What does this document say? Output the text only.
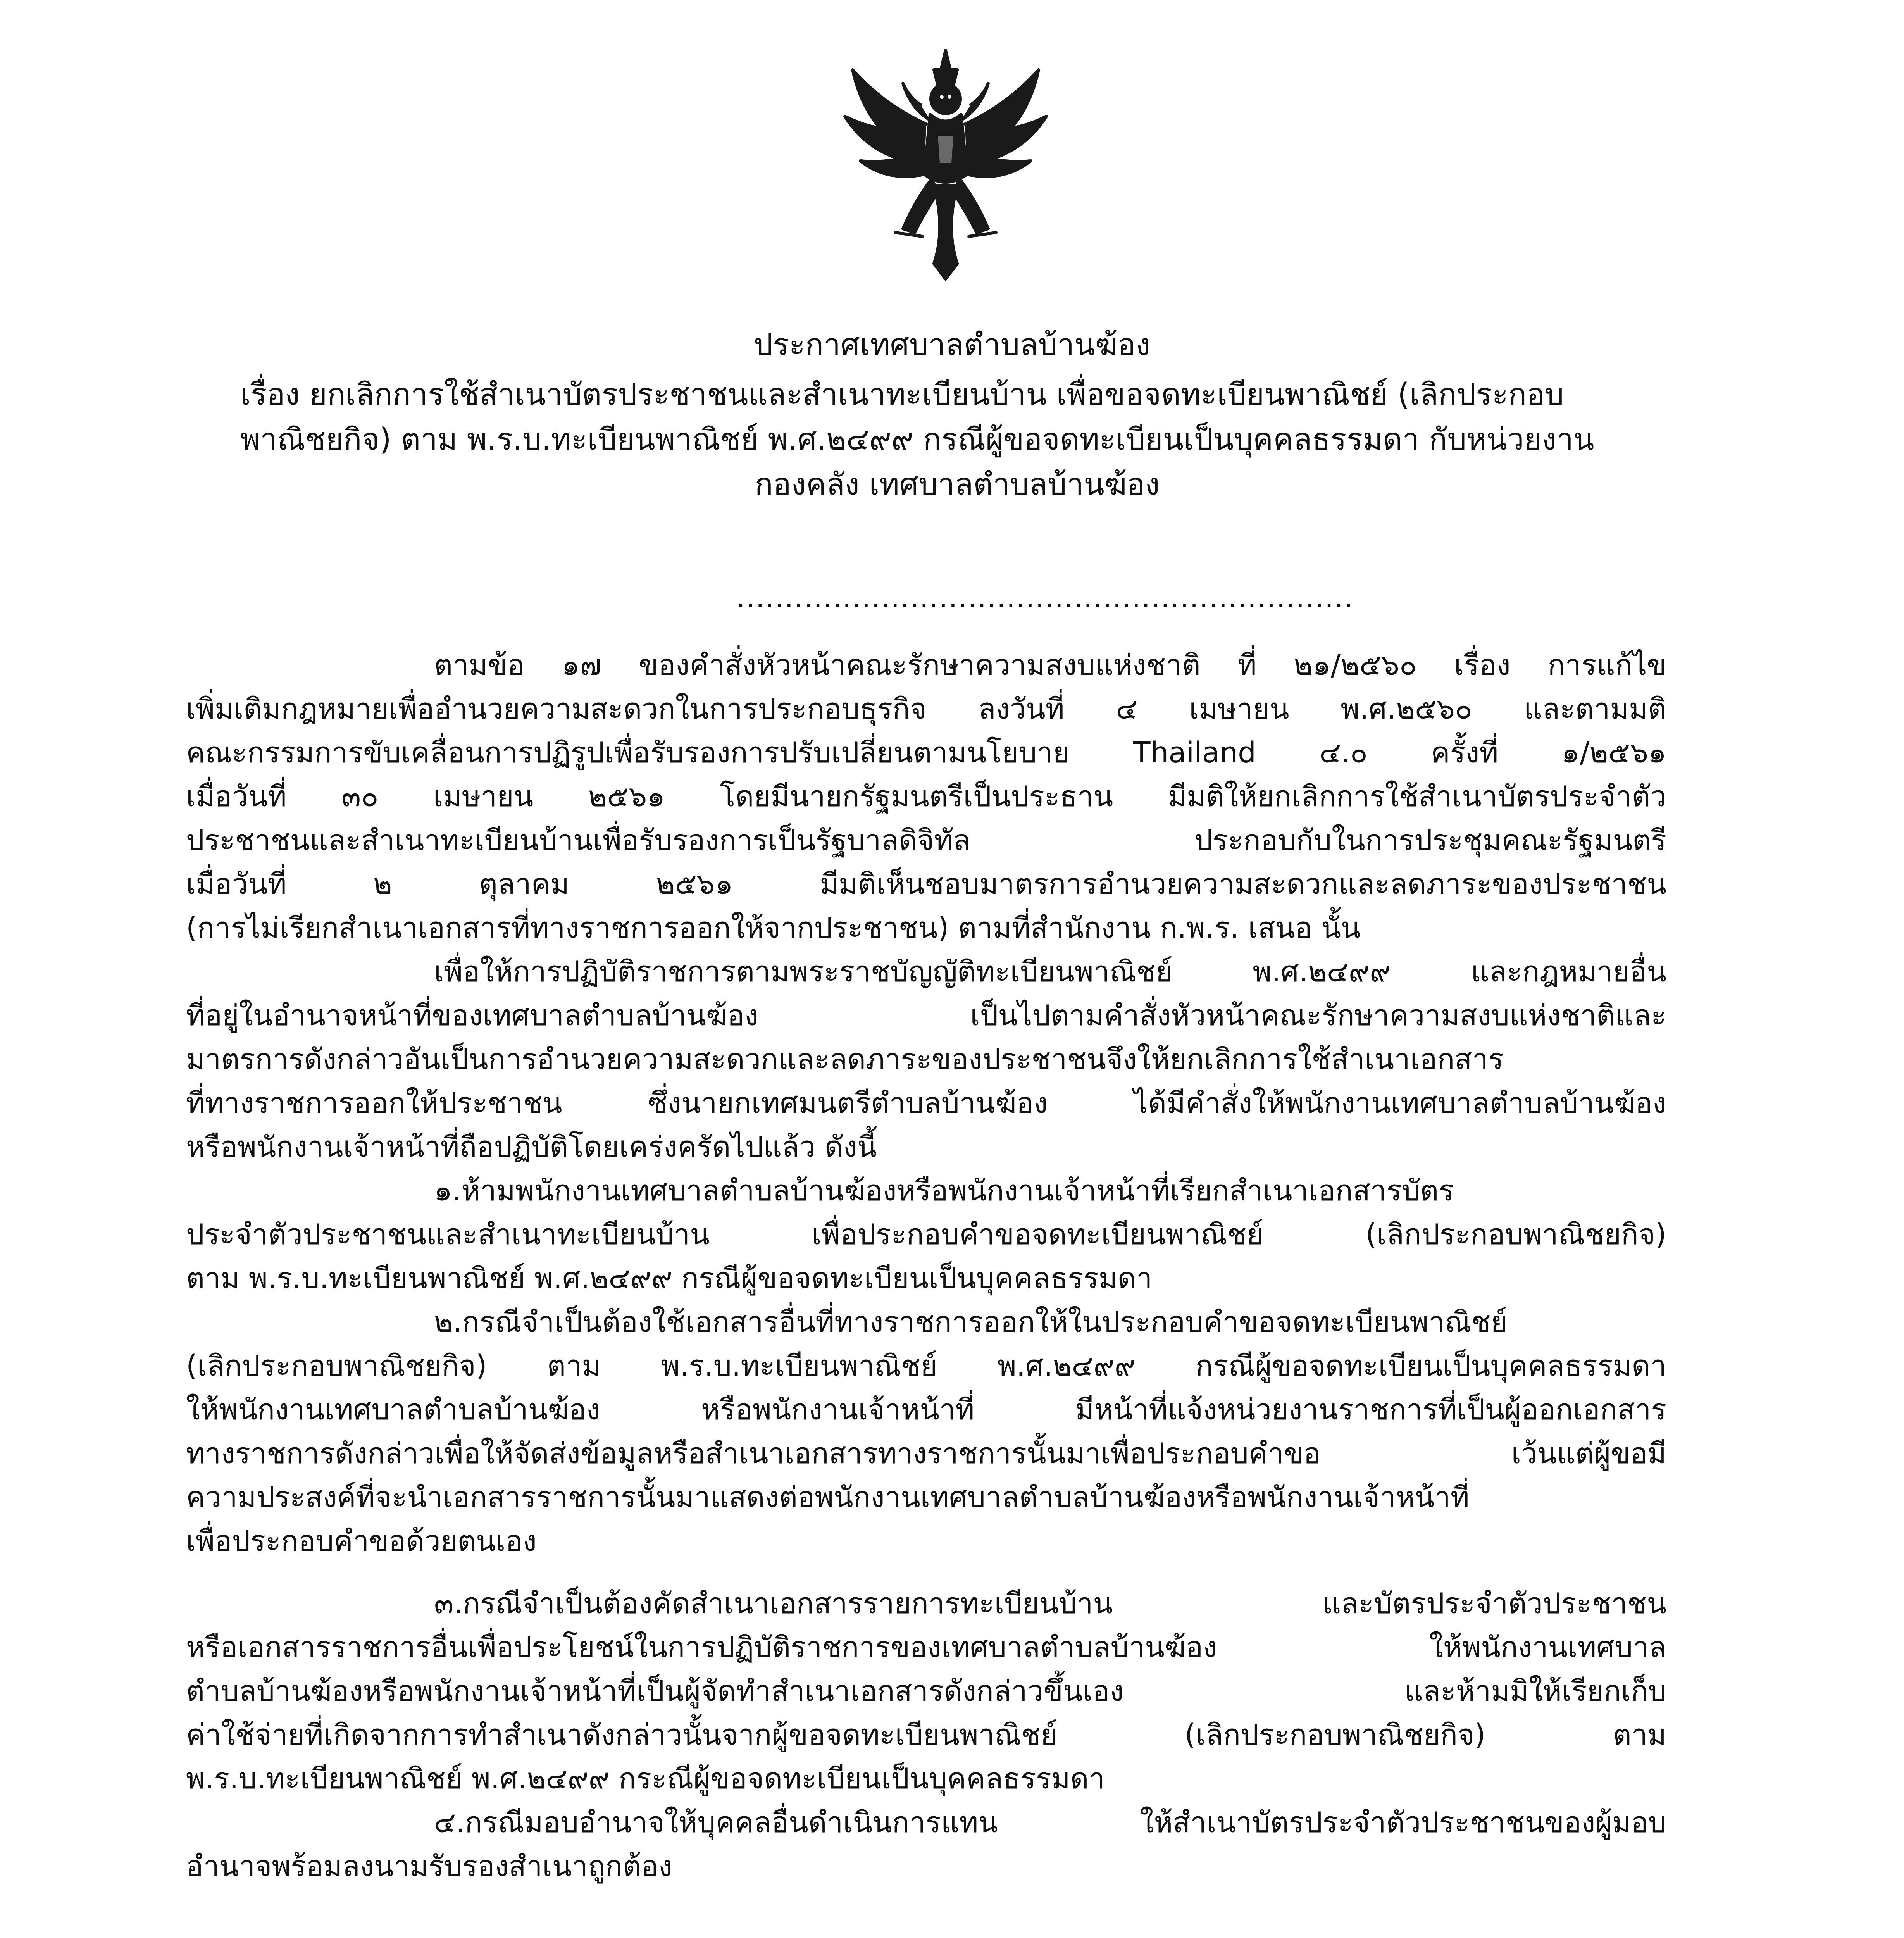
ประกาศเทศบาลตำบลบ้านฆ้อง
เรื่อง ยกเลิกการใช้สำเนาบัตรประชาชนและสำเนาทะเบียนบ้าน เพื่อขอจดทะเบียนพาณิชย์ (เลิกประกอบ
พาณิชยกิจ) ตาม พ.ร.บ.ทะเบียนพาณิชย์ พ.ศ.๒๔๙๙ กรณีผู้ขอจดทะเบียนเป็นบุคคลธรรมดา กับหน่วยงาน
กองคลัง เทศบาลตำบลบ้านฆ้อง
................................................................
ตามข้อ ๑๗ ของคำสั่งหัวหน้าคณะรักษาความสงบแห่งชาติ ที่ ๒๑/๒๕๖๐ เรื่อง การแก้ไข
เพิ่มเติมกฎหมายเพื่ออำนวยความสะดวกในการประกอบธุรกิจ ลงวันที่ ๔ เมษายน พ.ศ.๒๕๖๐ และตามมติ
คณะกรรมการขับเคลื่อนการปฏิรูปเพื่อรับรองการปรับเปลี่ยนตามนโยบาย Thailand ๔.๐ ครั้งที่ ๑/๒๕๖๑
เมื่อวันที่ ๓๐ เมษายน ๒๕๖๑ โดยมีนายกรัฐมนตรีเป็นประธาน มีมติให้ยกเลิกการใช้สำเนาบัตรประจำตัว
ประชาชนและสำเนาทะเบียนบ้านเพื่อรับรองการเป็นรัฐบาลดิจิทัล ประกอบกับในการประชุมคณะรัฐมนตรี
เมื่อวันที่ ๒ ตุลาคม ๒๕๖๑ มีมติเห็นชอบมาตรการอำนวยความสะดวกและลดภาระของประชาชน
(การไม่เรียกสำเนาเอกสารที่ทางราชการออกให้จากประชาชน) ตามที่สำนักงาน ก.พ.ร. เสนอ นั้น
เพื่อให้การปฏิบัติราชการตามพระราชบัญญัติทะเบียนพาณิชย์ พ.ศ.๒๔๙๙ และกฎหมายอื่น
ที่อยู่ในอำนาจหน้าที่ของเทศบาลตำบลบ้านฆ้อง เป็นไปตามคำสั่งหัวหน้าคณะรักษาความสงบแห่งชาติและ
มาตรการดังกล่าวอันเป็นการอำนวยความสะดวกและลดภาระของประชาชนจึงให้ยกเลิกการใช้สำเนาเอกสาร
ที่ทางราชการออกให้ประชาชน ซึ่งนายกเทศมนตรีตำบลบ้านฆ้อง ได้มีคำสั่งให้พนักงานเทศบาลตำบลบ้านฆ้อง
หรือพนักงานเจ้าหน้าที่ถือปฏิบัติโดยเคร่งครัดไปแล้ว ดังนี้
๑.ห้ามพนักงานเทศบาลตำบลบ้านฆ้องหรือพนักงานเจ้าหน้าที่เรียกสำเนาเอกสารบัตร
ประจำตัวประชาชนและสำเนาทะเบียนบ้าน เพื่อประกอบคำขอจดทะเบียนพาณิชย์ (เลิกประกอบพาณิชยกิจ)
ตาม พ.ร.บ.ทะเบียนพาณิชย์ พ.ศ.๒๔๙๙ กรณีผู้ขอจดทะเบียนเป็นบุคคลธรรมดา
๒.กรณีจำเป็นต้องใช้เอกสารอื่นที่ทางราชการออกให้ในประกอบคำขอจดทะเบียนพาณิชย์
(เลิกประกอบพาณิชยกิจ) ตาม พ.ร.บ.ทะเบียนพาณิชย์ พ.ศ.๒๔๙๙ กรณีผู้ขอจดทะเบียนเป็นบุคคลธรรมดา
ให้พนักงานเทศบาลตำบลบ้านฆ้อง หรือพนักงานเจ้าหน้าที่ มีหน้าที่แจ้งหน่วยงานราชการที่เป็นผู้ออกเอกสาร
ทางราชการดังกล่าวเพื่อให้จัดส่งข้อมูลหรือสำเนาเอกสารทางราชการนั้นมาเพื่อประกอบคำขอ เว้นแต่ผู้ขอมี
ความประสงค์ที่จะนำเอกสารราชการนั้นมาแสดงต่อพนักงานเทศบาลตำบลบ้านฆ้องหรือพนักงานเจ้าหน้าที่
เพื่อประกอบคำขอด้วยตนเอง
๓.กรณีจำเป็นต้องคัดสำเนาเอกสารรายการทะเบียนบ้าน และบัตรประจำตัวประชาชน
หรือเอกสารราชการอื่นเพื่อประโยชน์ในการปฏิบัติราชการของเทศบาลตำบลบ้านฆ้อง ให้พนักงานเทศบาล
ตำบลบ้านฆ้องหรือพนักงานเจ้าหน้าที่เป็นผู้จัดทำสำเนาเอกสารดังกล่าวขึ้นเอง และห้ามมิให้เรียกเก็บ
ค่าใช้จ่ายที่เกิดจากการทำสำเนาดังกล่าวนั้นจากผู้ขอจดทะเบียนพาณิชย์ (เลิกประกอบพาณิชยกิจ) ตาม
พ.ร.บ.ทะเบียนพาณิชย์ พ.ศ.๒๔๙๙ กระณีผู้ขอจดทะเบียนเป็นบุคคลธรรมดา
๔.กรณีมอบอำนาจให้บุคคลอื่นดำเนินการแทน ให้สำเนาบัตรประจำตัวประชาชนของผู้มอบ
อำนาจพร้อมลงนามรับรองสำเนาถูกต้อง
